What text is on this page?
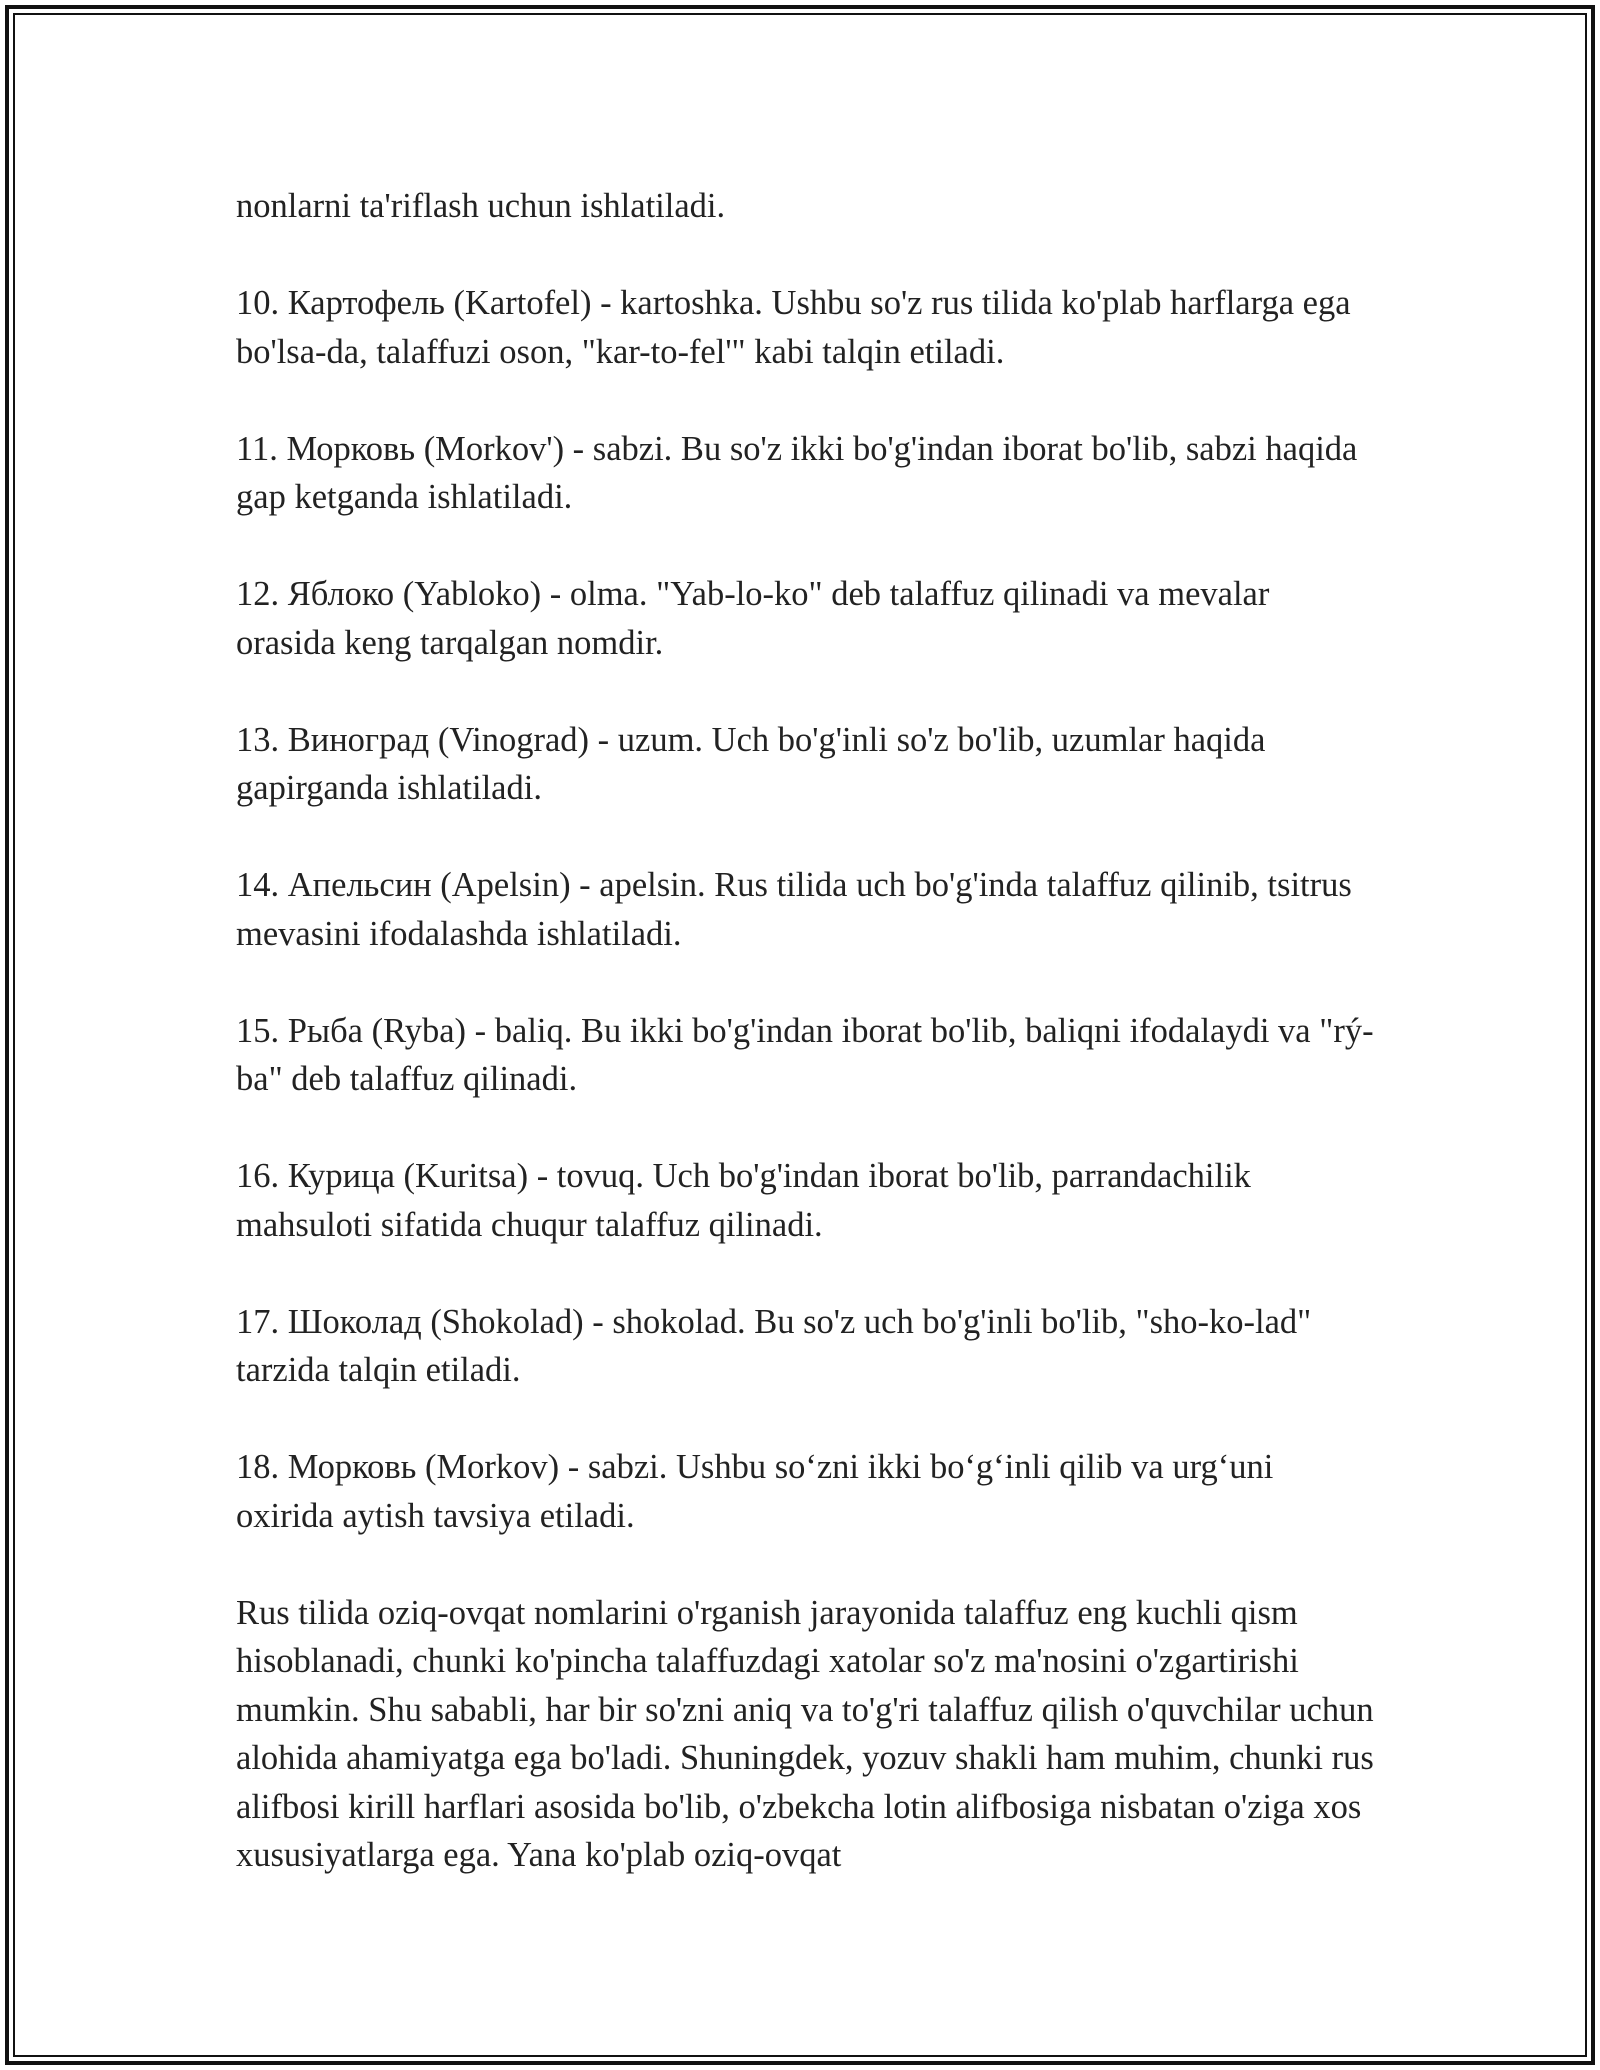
nonlarni ta'riflash uchun ishlatiladi.

10. Картофель (Kartofel) - kartoshka. Ushbu so'z rus tilida ko'plab harflarga ega bo'lsa-da, talaffuzi oson, "kar-to-fel'" kabi talqin etiladi.

11. Морковь (Morkov') - sabzi. Bu so'z ikki bo'g'indan iborat bo'lib, sabzi haqida gap ketganda ishlatiladi.

12. Яблоко (Yabloko) - olma. "Yab-lo-ko" deb talaffuz qilinadi va mevalar orasida keng tarqalgan nomdir.

13. Виноград (Vinograd) - uzum. Uch bo'g'inli so'z bo'lib, uzumlar haqida gapirganda ishlatiladi.

14. Апельсин (Apelsin) - apelsin. Rus tilida uch bo'g'inda talaffuz qilinib, tsitrus mevasini ifodalashda ishlatiladi.

15. Рыба (Ryba) - baliq. Bu ikki bo'g'indan iborat bo'lib, baliqni ifodalaydi va "rý-ba" deb talaffuz qilinadi.

16. Курица (Kuritsa) - tovuq. Uch bo'g'indan iborat bo'lib, parrandachilik mahsuloti sifatida chuqur talaffuz qilinadi.

17. Шоколад (Shokolad) - shokolad. Bu so'z uch bo'g'inli bo'lib, "sho-ko-lad" tarzida talqin etiladi.

18. Морковь (Morkov) - sabzi. Ushbu so‘zni ikki bo‘g‘inli qilib va urg‘uni oxirida aytish tavsiya etiladi.

Rus tilida oziq-ovqat nomlarini o'rganish jarayonida talaffuz eng kuchli qism hisoblanadi, chunki ko'pincha talaffuzdagi xatolar so'z ma'nosini o'zgartirishi mumkin. Shu sababli, har bir so'zni aniq va to'g'ri talaffuz qilish o'quvchilar uchun alohida ahamiyatga ega bo'ladi. Shuningdek, yozuv shakli ham muhim, chunki rus alifbosi kirill harflari asosida bo'lib, o'zbekcha lotin alifbosiga nisbatan o'ziga xos xususiyatlarga ega. Yana ko'plab oziq-ovqat
